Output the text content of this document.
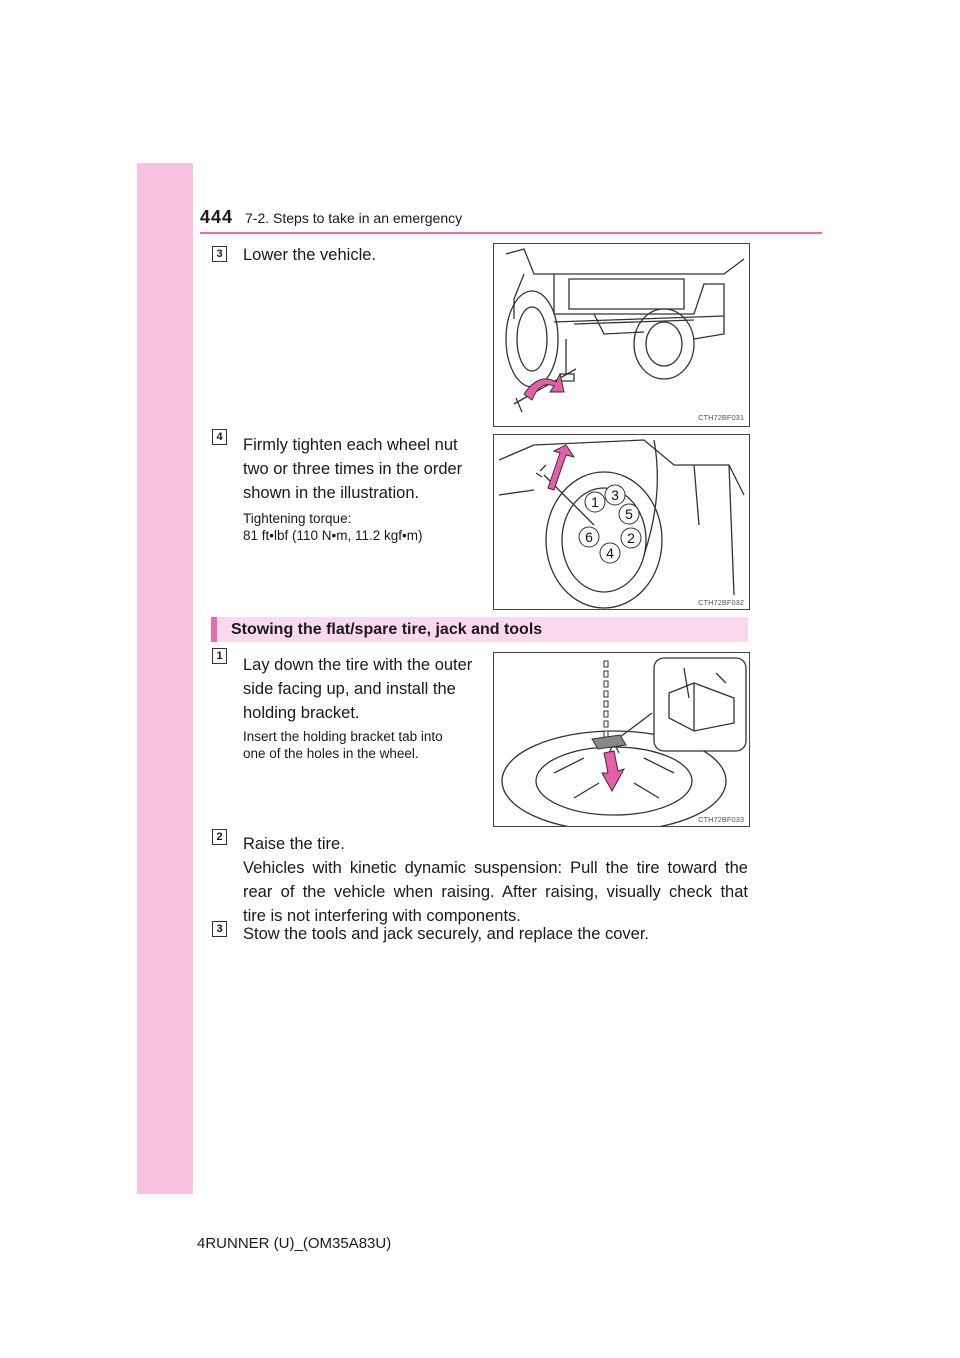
444 7-2. Steps to take in an emergency
3 Lower the vehicle.
CTH72BF031
4 Firmly tighten each wheel nut
two or three times in the order
shown in the illustration.
Tightening torque:
81 ft•lbf (110 N•m, 11.2 kgf•m)
1 3
5
2
4
6
CTH72BF032
Stowing the flat/spare tire, jack and tools
1 Lay down the tire with the outer
side facing up, and install the
holding bracket.
Insert the holding bracket tab into
one of the holes in the wheel.
CTH72BF033
2 Raise the tire.
Vehicles with kinetic dynamic suspension: Pull the tire toward the
rear of the vehicle when raising. After raising, visually check that
tire is not interfering with components.
3 Stow the tools and jack securely, and replace the cover.
4RUNNER (U)_(OM35A83U)
